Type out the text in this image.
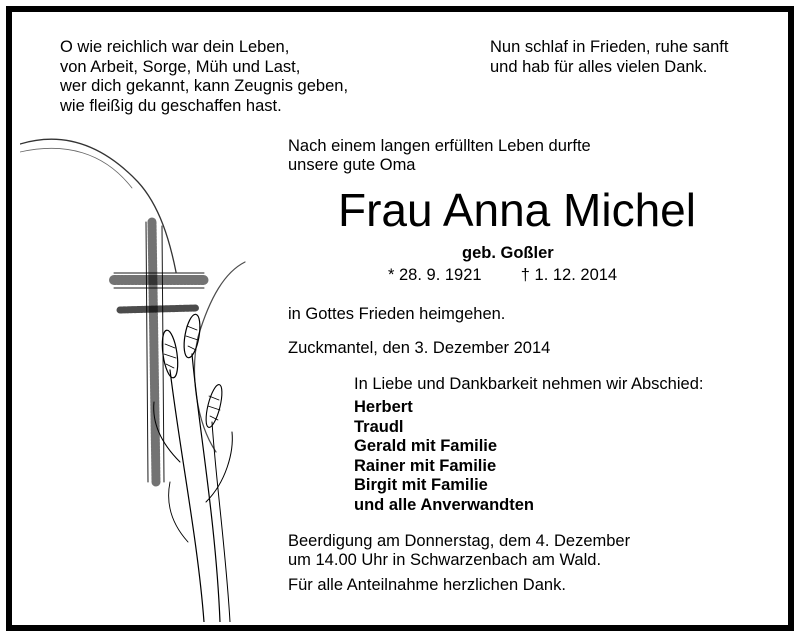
O wie reichlich war dein Leben,
von Arbeit, Sorge, Müh und Last,
wer dich gekannt, kann Zeugnis geben,
wie fleißig du geschaffen hast.
Nun schlaf in Frieden, ruhe sanft
und hab für alles vielen Dank.
Nach einem langen erfüllten Leben durfte
unsere gute Oma
Frau Anna Michel
geb. Goßler
* 28. 9. 1921 † 1. 12. 2014
in Gottes Frieden heimgehen.
Zuckmantel, den 3. Dezember 2014
In Liebe und Dankbarkeit nehmen wir Abschied:
Herbert
Traudl
Gerald mit Familie
Rainer mit Familie
Birgit mit Familie
und alle Anverwandten
Beerdigung am Donnerstag, dem 4. Dezember
um 14.00 Uhr in Schwarzenbach am Wald.
Für alle Anteilnahme herzlichen Dank.
